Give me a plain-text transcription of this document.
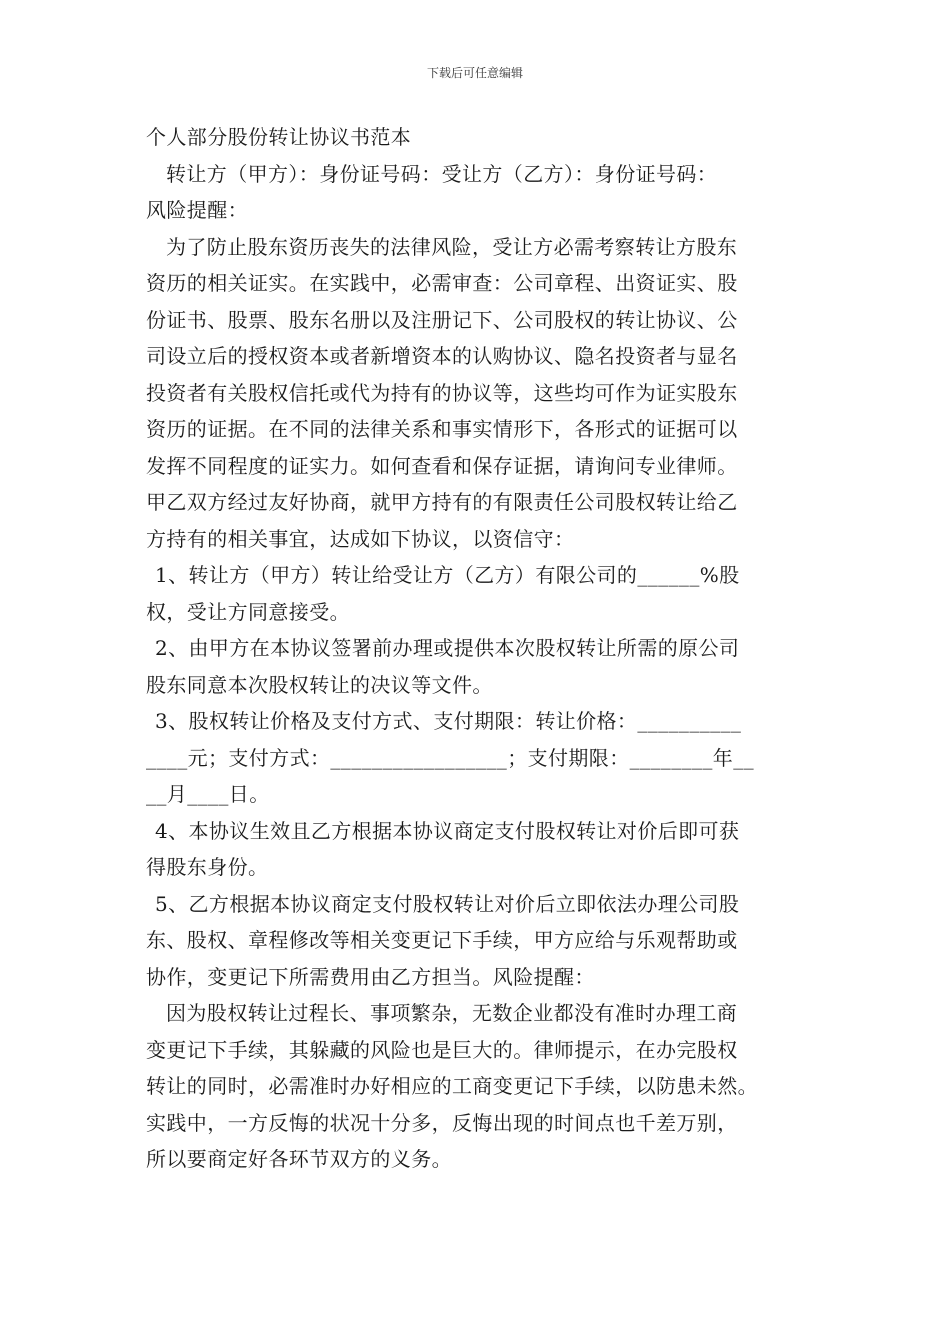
下载后可任意编辑
个人部分股份转让协议书范本
转让方（甲方）：身份证号码：受让方（乙方）：身份证号码：
风险提醒：
为了防止股东资历丧失的法律风险，受让方必需考察转让方股东
资历的相关证实。在实践中，必需审查：公司章程、出资证实、股
份证书、股票、股东名册以及注册记下、公司股权的转让协议、公
司设立后的授权资本或者新增资本的认购协议、隐名投资者与显名
投资者有关股权信托或代为持有的协议等，这些均可作为证实股东
资历的证据。在不同的法律关系和事实情形下，各形式的证据可以
发挥不同程度的证实力。如何查看和保存证据，请询问专业律师。
甲乙双方经过友好协商，就甲方持有的有限责任公司股权转让给乙
方持有的相关事宜，达成如下协议，以资信守：
1、转让方（甲方）转让给受让方（乙方）有限公司的______%股
权，受让方同意接受。
2、由甲方在本协议签署前办理或提供本次股权转让所需的原公司
股东同意本次股权转让的决议等文件。
3、股权转让价格及支付方式、支付期限：转让价格：__________
____元；支付方式：_________________；支付期限：________年__
__月____日。
4、本协议生效且乙方根据本协议商定支付股权转让对价后即可获
得股东身份。
5、乙方根据本协议商定支付股权转让对价后立即依法办理公司股
东、股权、章程修改等相关变更记下手续，甲方应给与乐观帮助或
协作，变更记下所需费用由乙方担当。风险提醒：
因为股权转让过程长、事项繁杂，无数企业都没有准时办理工商
变更记下手续，其躲藏的风险也是巨大的。律师提示，在办完股权
转让的同时，必需准时办好相应的工商变更记下手续，以防患未然。
实践中，一方反悔的状况十分多，反悔出现的时间点也千差万别，
所以要商定好各环节双方的义务。
